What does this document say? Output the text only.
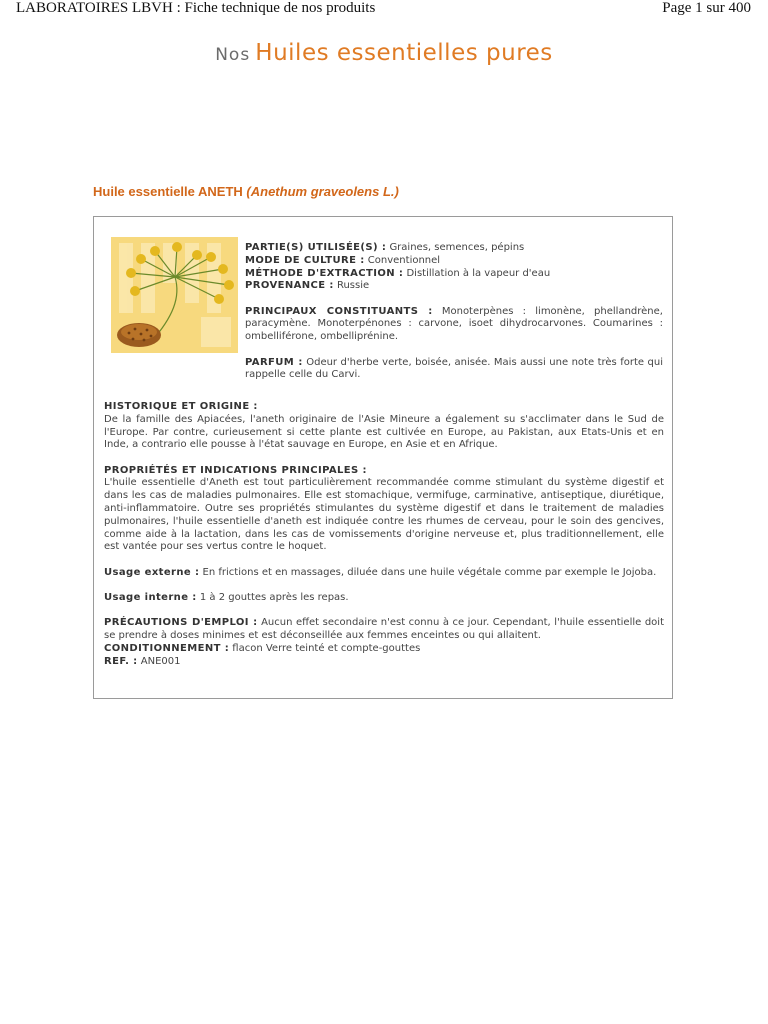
LABORATOIRES LBVH : Fiche technique de nos produits	Page 1 sur 400
Nos Huiles essentielles pures
Huile essentielle ANETH (Anethum graveolens L.)
PARTIE(S) UTILISÉE(S) : Graines, semences, pépins
MODE DE CULTURE : Conventionnel
MÉTHODE D'EXTRACTION : Distillation à la vapeur d'eau
PROVENANCE : Russie
PRINCIPAUX CONSTITUANTS : Monoterpènes : limonène, phellandrène, paracymène. Monoterpénones : carvone, isoet dihydrocarvones. Coumarines : ombelliférone, ombelliprénine.
PARFUM : Odeur d'herbe verte, boisée, anisée. Mais aussi une note très forte qui rappelle celle du Carvi.
HISTORIQUE ET ORIGINE :
De la famille des Apiacées, l'aneth originaire de l'Asie Mineure a également su s'acclimater dans le Sud de l'Europe. Par contre, curieusement si cette plante est cultivée en Europe, au Pakistan, aux Etats-Unis et en Inde, a contrario elle pousse à l'état sauvage en Europe, en Asie et en Afrique.
PROPRIÉTÉS ET INDICATIONS PRINCIPALES :
L'huile essentielle d'Aneth est tout particulièrement recommandée comme stimulant du système digestif et dans les cas de maladies pulmonaires. Elle est stomachique, vermifuge, carminative, antiseptique, diurétique, anti-inflammatoire. Outre ses propriétés stimulantes du système digestif et dans le traitement de maladies pulmonaires, l'huile essentielle d'aneth est indiquée contre les rhumes de cerveau, pour le soin des gencives, comme aide à la lactation, dans les cas de vomissements d'origine nerveuse et, plus traditionnellement, elle est vantée pour ses vertus contre le hoquet.
Usage externe : En frictions et en massages, diluée dans une huile végétale comme par exemple le Jojoba.
Usage interne : 1 à 2 gouttes après les repas.
PRÉCAUTIONS D'EMPLOI : Aucun effet secondaire n'est connu à ce jour. Cependant, l'huile essentielle doit se prendre à doses minimes et est déconseillée aux femmes enceintes ou qui allaitent.
CONDITIONNEMENT : flacon Verre teinté et compte-gouttes
REF. : ANE001
